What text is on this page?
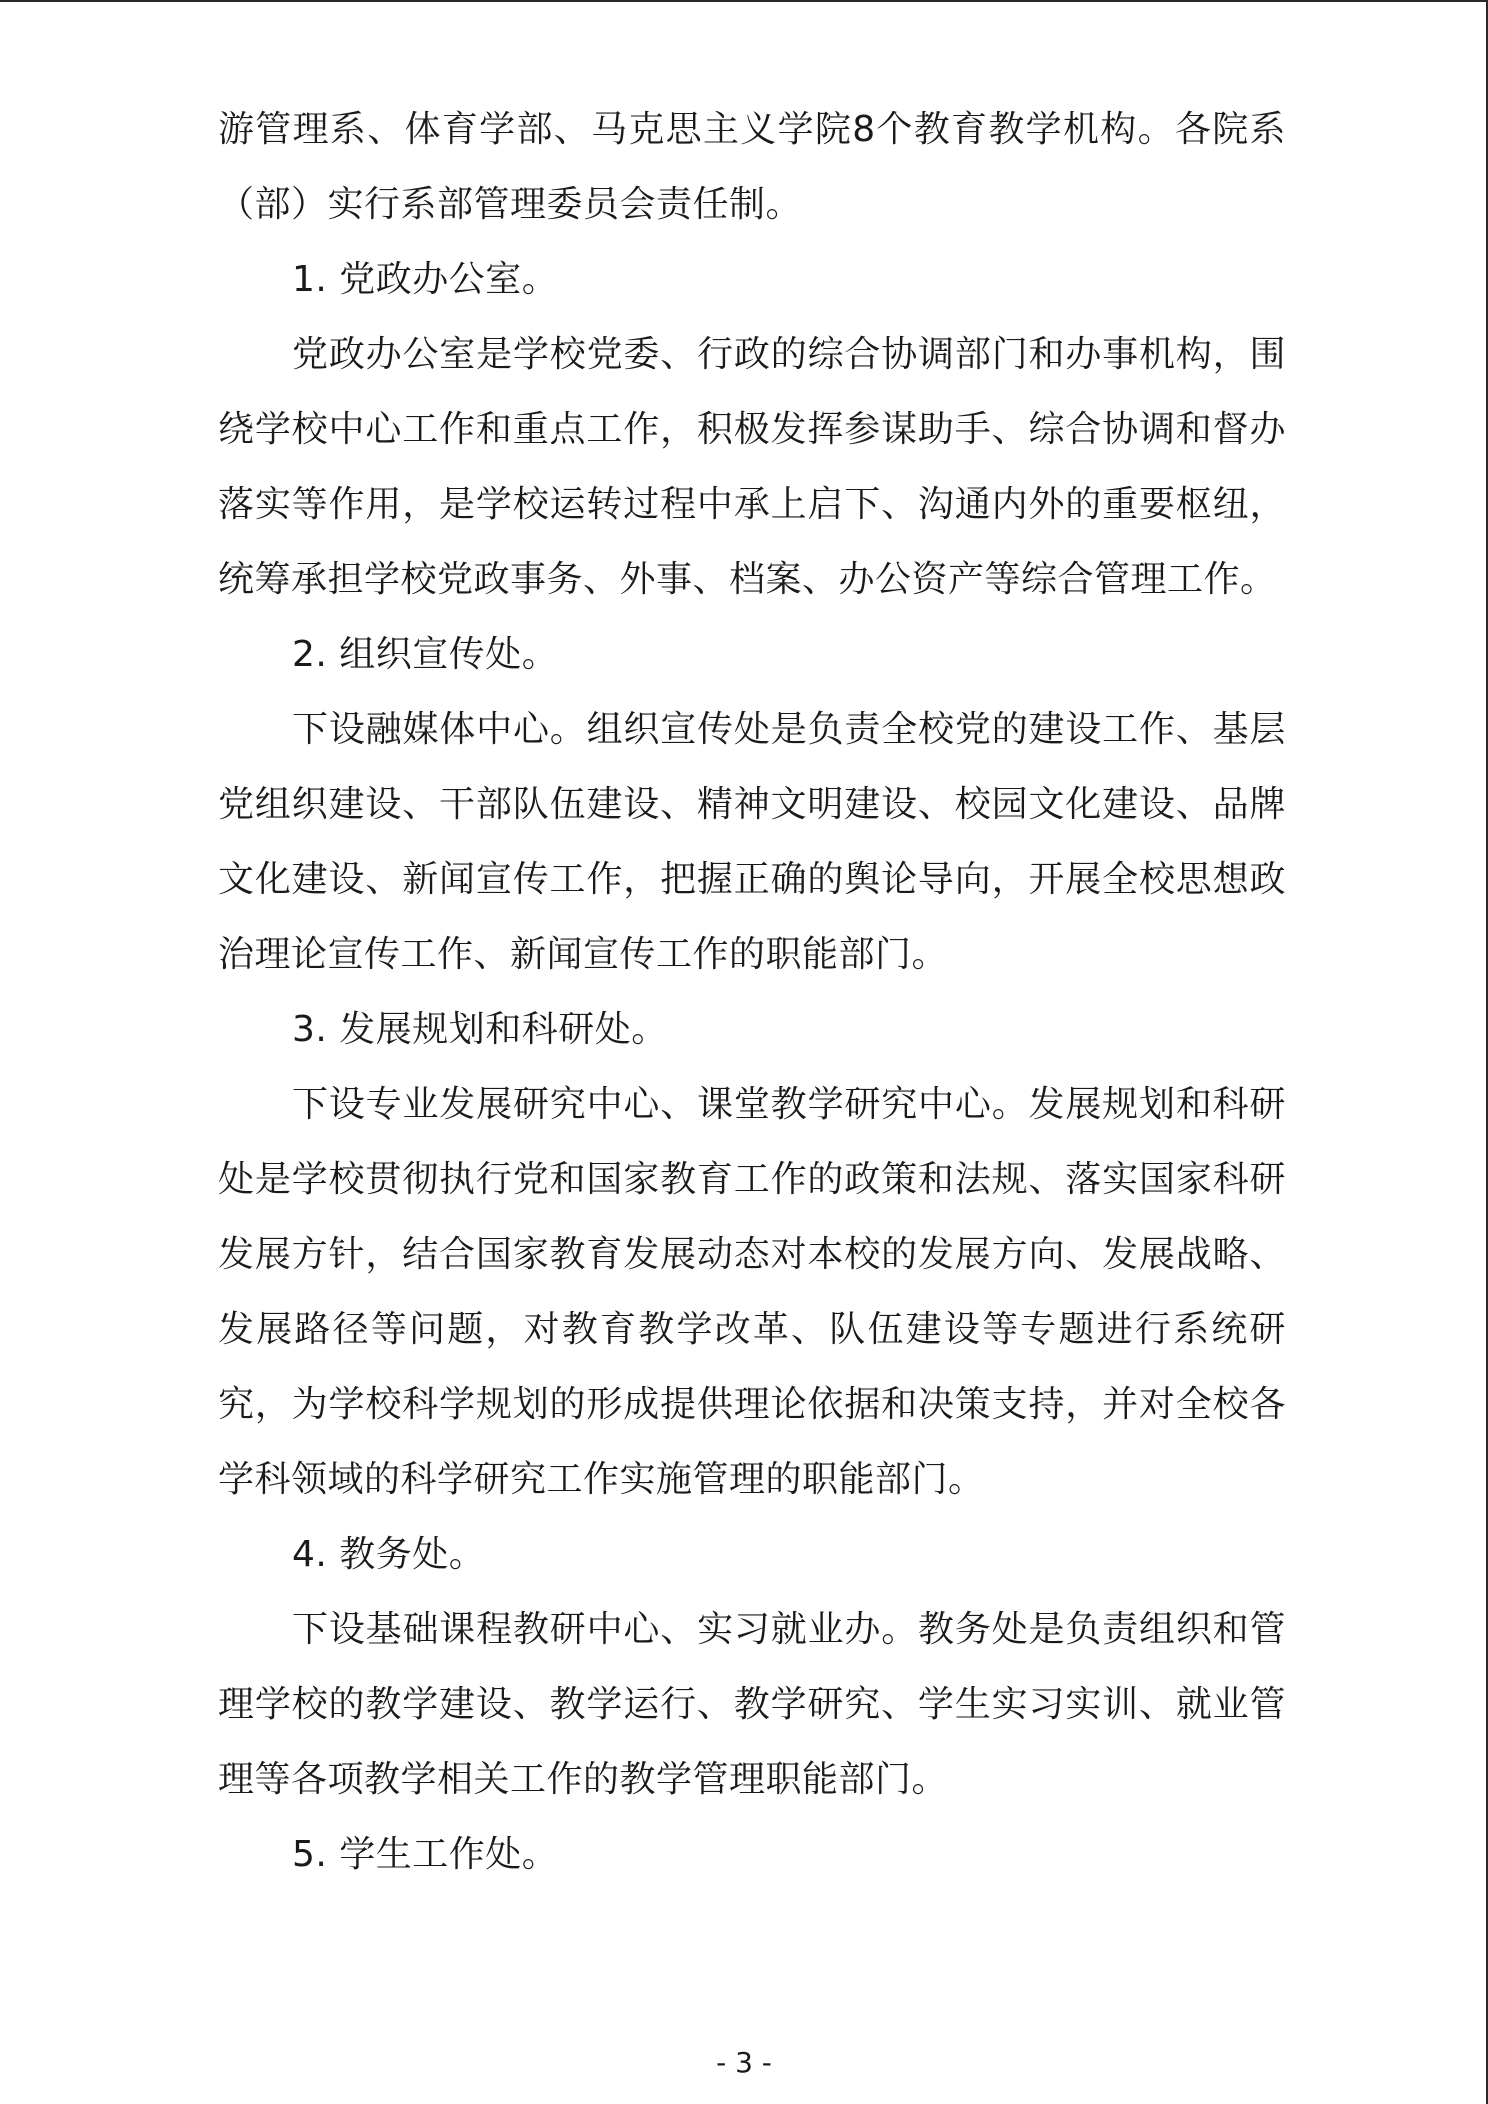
游管理系、体育学部、马克思主义学院8个教育教学机构。各院系（部）实行系部管理委员会责任制。

1. 党政办公室。

党政办公室是学校党委、行政的综合协调部门和办事机构，围绕学校中心工作和重点工作，积极发挥参谋助手、综合协调和督办落实等作用，是学校运转过程中承上启下、沟通内外的重要枢纽，统筹承担学校党政事务、外事、档案、办公资产等综合管理工作。

2. 组织宣传处。

下设融媒体中心。组织宣传处是负责全校党的建设工作、基层党组织建设、干部队伍建设、精神文明建设、校园文化建设、品牌文化建设、新闻宣传工作，把握正确的舆论导向，开展全校思想政治理论宣传工作、新闻宣传工作的职能部门。

3. 发展规划和科研处。

下设专业发展研究中心、课堂教学研究中心。发展规划和科研处是学校贯彻执行党和国家教育工作的政策和法规、落实国家科研发展方针，结合国家教育发展动态对本校的发展方向、发展战略、发展路径等问题，对教育教学改革、队伍建设等专题进行系统研究，为学校科学规划的形成提供理论依据和决策支持，并对全校各学科领域的科学研究工作实施管理的职能部门。

4. 教务处。

下设基础课程教研中心、实习就业办。教务处是负责组织和管理学校的教学建设、教学运行、教学研究、学生实习实训、就业管理等各项教学相关工作的教学管理职能部门。

5. 学生工作处。

- 3 -
